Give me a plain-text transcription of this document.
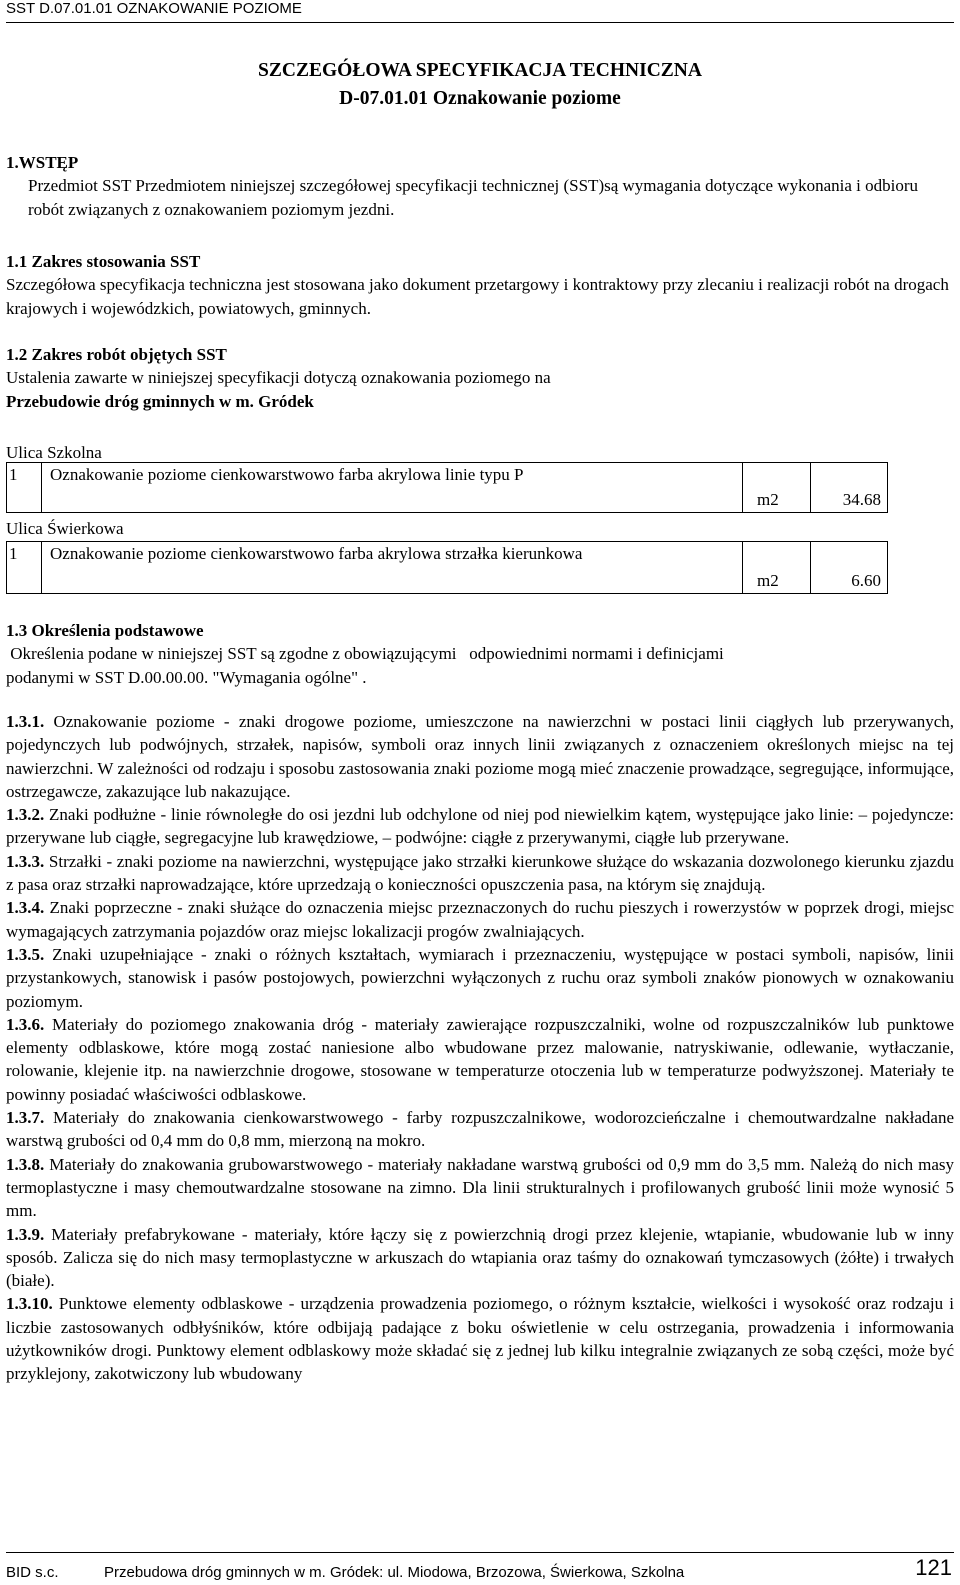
SST D.07.01.01 OZNAKOWANIE POZIOME
SZCZEGÓŁOWA SPECYFIKACJA TECHNICZNA
D-07.01.01 Oznakowanie poziome
1.WSTĘP
Przedmiot SST Przedmiotem niniejszej szczegółowej specyfikacji technicznej (SST)są wymagania dotyczące wykonania i odbioru robót związanych z oznakowaniem poziomym jezdni.
1.1 Zakres stosowania SST
Szczegółowa specyfikacja techniczna jest stosowana jako dokument przetargowy i kontraktowy przy zlecaniu i realizacji robót na drogach krajowych i wojewódzkich, powiatowych, gminnych.
1.2 Zakres robót objętych SST
Ustalenia zawarte w niniejszej specyfikacji dotyczą oznakowania poziomego na
Przebudowie dróg gminnych w m. Gródek
Ulica Szkolna
1	Oznakowanie poziome cienkowarstwowo farba akrylowa linie typu P	m2	34.68
Ulica Świerkowa
1	Oznakowanie poziome cienkowarstwowo farba akrylowa strzałka kierunkowa	m2	6.60
1.3 Określenia podstawowe
Określenia podane w niniejszej SST są zgodne z obowiązującymi   odpowiednimi normami i definicjami
podanymi w SST D.00.00.00. "Wymagania ogólne" .
1.3.1. Oznakowanie poziome - znaki drogowe poziome, umieszczone na nawierzchni w postaci linii ciągłych lub przerywanych, pojedynczych lub podwójnych, strzałek, napisów, symboli oraz innych linii związanych z oznaczeniem określonych miejsc na tej nawierzchni. W zależności od rodzaju i sposobu zastosowania znaki poziome mogą mieć znaczenie prowadzące, segregujące, informujące, ostrzegawcze, zakazujące lub nakazujące.
1.3.2. Znaki podłużne - linie równoległe do osi jezdni lub odchylone od niej pod niewielkim kątem, występujące jako linie: – pojedyncze: przerywane lub ciągłe, segregacyjne lub krawędziowe, – podwójne: ciągłe z przerywanymi, ciągłe lub przerywane.
1.3.3. Strzałki - znaki poziome na nawierzchni, występujące jako strzałki kierunkowe służące do wskazania dozwolonego kierunku zjazdu z pasa oraz strzałki naprowadzające, które uprzedzają o konieczności opuszczenia pasa, na którym się znajdują.
1.3.4. Znaki poprzeczne - znaki służące do oznaczenia miejsc przeznaczonych do ruchu pieszych i rowerzystów w poprzek drogi, miejsc wymagających zatrzymania pojazdów oraz miejsc lokalizacji progów zwalniających.
1.3.5. Znaki uzupełniające - znaki o różnych kształtach, wymiarach i przeznaczeniu, występujące w postaci symboli, napisów, linii przystankowych, stanowisk i pasów postojowych, powierzchni wyłączonych z ruchu oraz symboli znaków pionowych w oznakowaniu poziomym.
1.3.6. Materiały do poziomego znakowania dróg - materiały zawierające rozpuszczalniki, wolne od rozpuszczalników lub punktowe elementy odblaskowe, które mogą zostać naniesione albo wbudowane przez malowanie, natryskiwanie, odlewanie, wytłaczanie, rolowanie, klejenie itp. na nawierzchnie drogowe, stosowane w temperaturze otoczenia lub w temperaturze podwyższonej. Materiały te powinny posiadać właściwości odblaskowe.
1.3.7. Materiały do znakowania cienkowarstwowego - farby rozpuszczalnikowe, wodorozcieńczalne i chemoutwardzalne nakładane warstwą grubości od 0,4 mm do 0,8 mm, mierzoną na mokro.
1.3.8. Materiały do znakowania grubowarstwowego - materiały nakładane warstwą grubości od 0,9 mm do 3,5 mm. Należą do nich masy termoplastyczne i masy chemoutwardzalne stosowane na zimno. Dla linii strukturalnych i profilowanych grubość linii może wynosić 5 mm.
1.3.9. Materiały prefabrykowane - materiały, które łączy się z powierzchnią drogi przez klejenie, wtapianie, wbudowanie lub w inny sposób. Zalicza się do nich masy termoplastyczne w arkuszach do wtapiania oraz taśmy do oznakowań tymczasowych (żółte) i trwałych (białe).
1.3.10. Punktowe elementy odblaskowe - urządzenia prowadzenia poziomego, o różnym kształcie, wielkości i wysokość oraz rodzaju i liczbie zastosowanych odbłyśników, które odbijają padające z boku oświetlenie w celu ostrzegania, prowadzenia i informowania użytkowników drogi. Punktowy element odblaskowy może składać się z jednej lub kilku integralnie związanych ze sobą części, może być przyklejony, zakotwiczony lub wbudowany
BID s.c.	Przebudowa dróg gminnych w m. Gródek: ul. Miodowa, Brzozowa, Świerkowa, Szkolna	121
